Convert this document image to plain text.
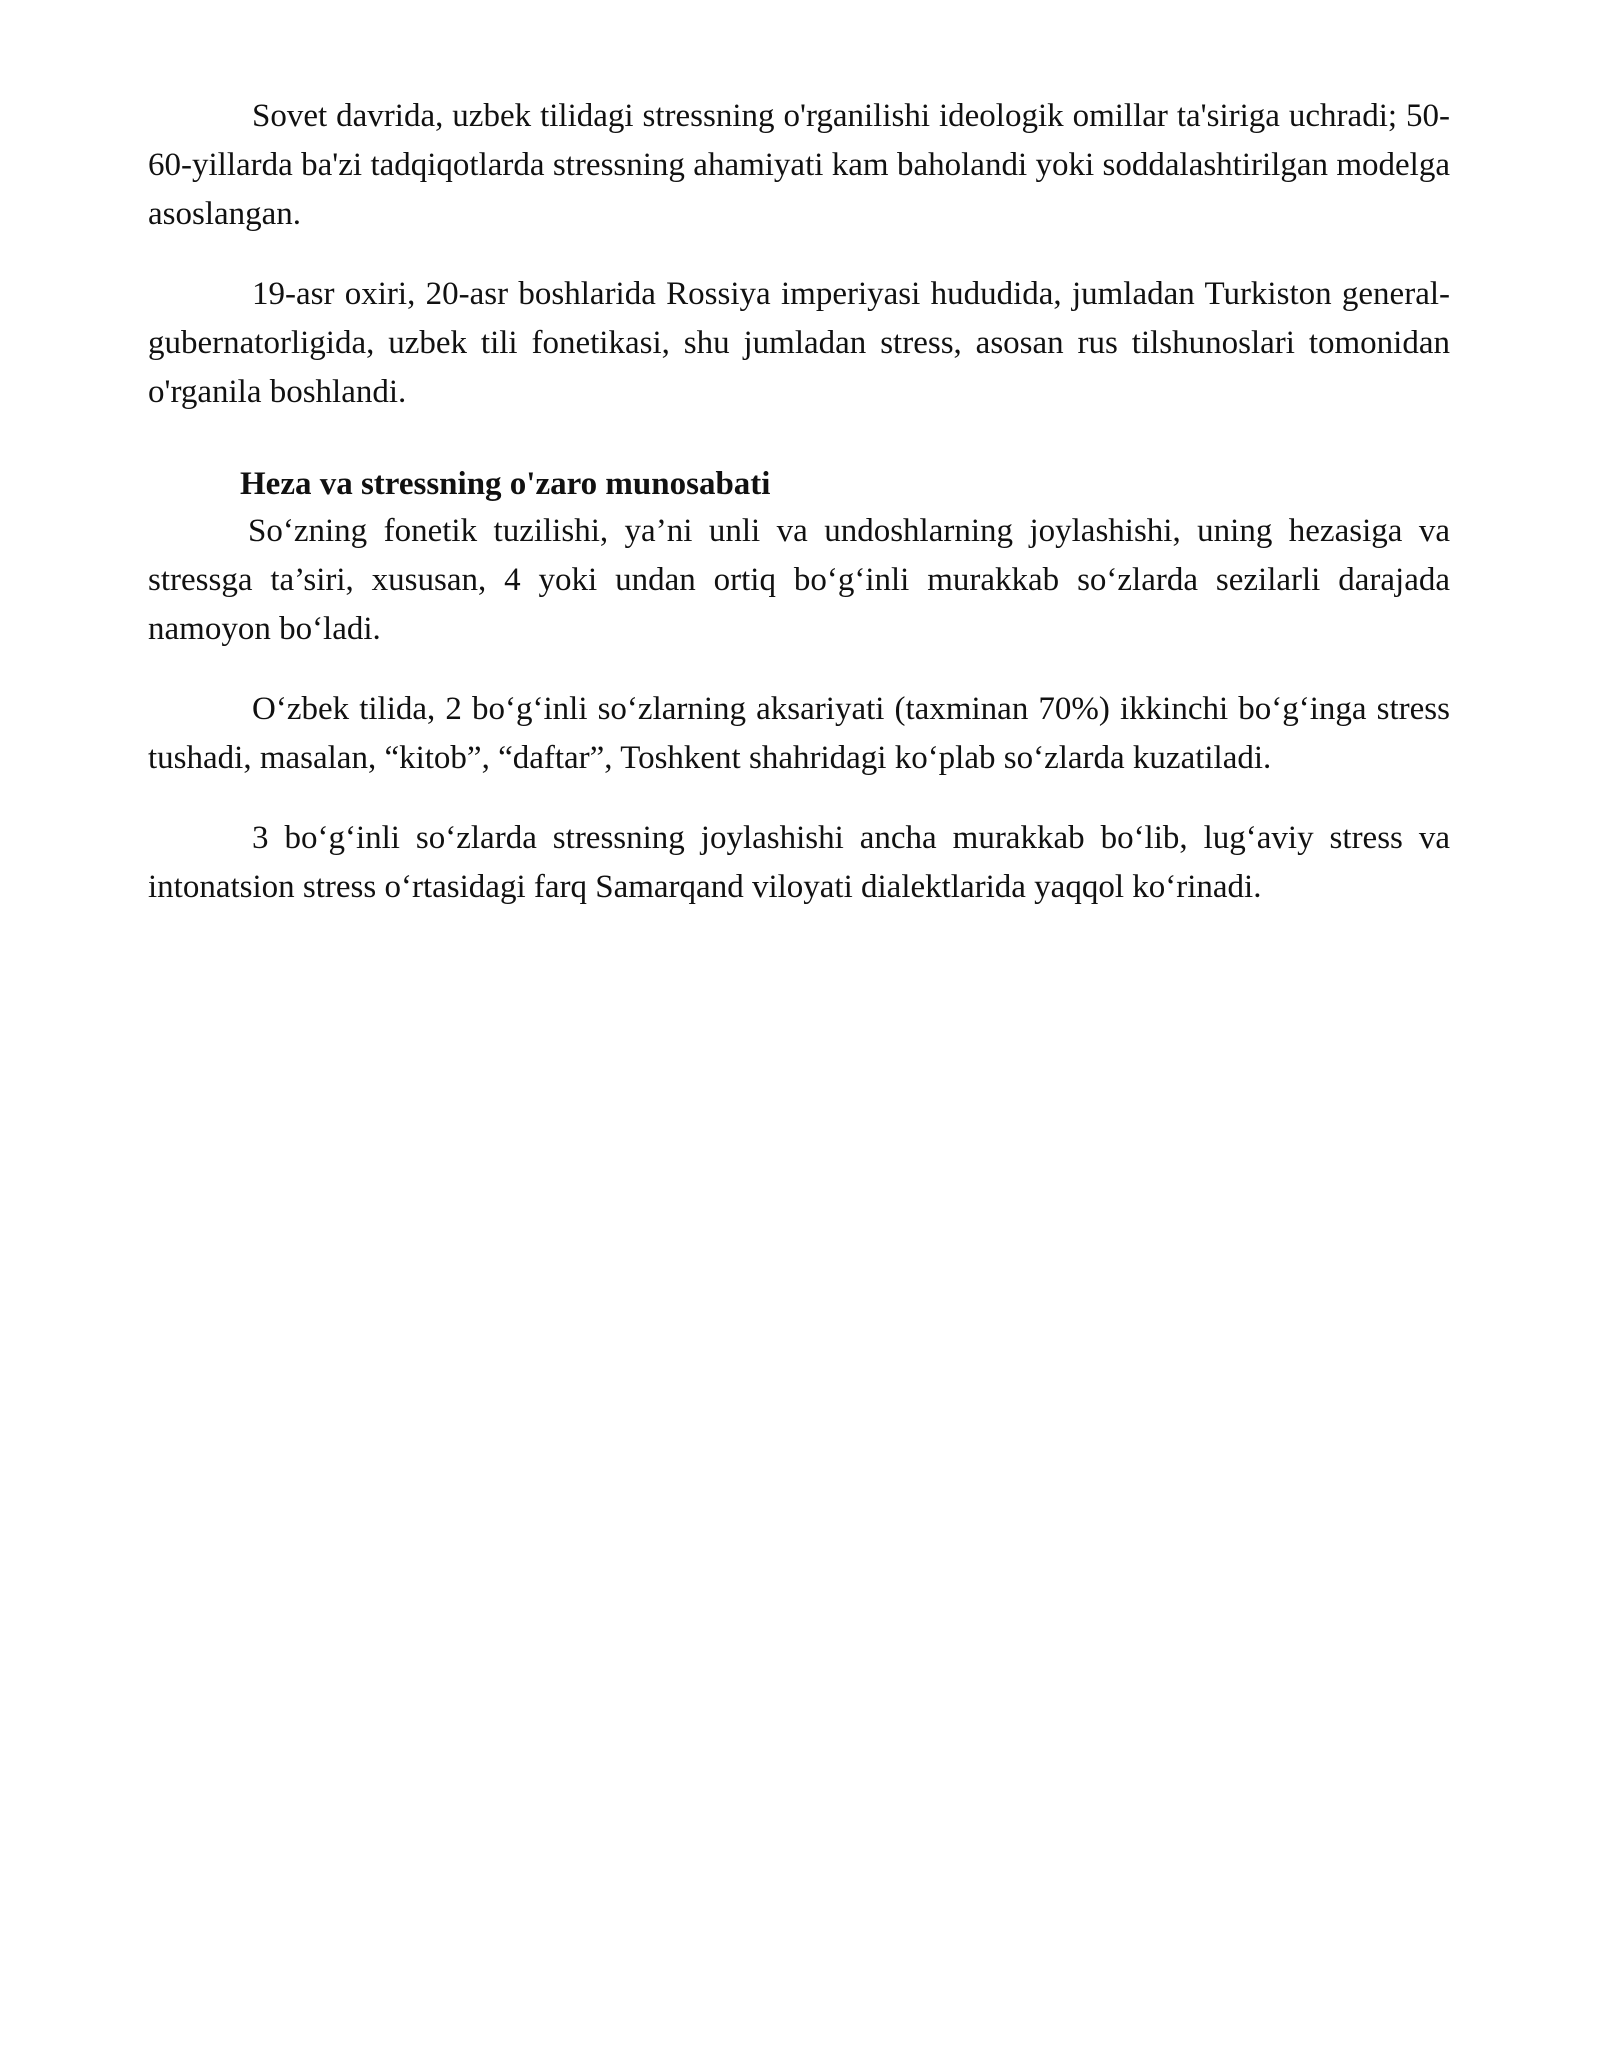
Sovet davrida, uzbek tilidagi stressning o'rganilishi ideologik omillar ta'siriga uchradi; 50-60-yillarda ba'zi tadqiqotlarda stressning ahamiyati kam baholandi yoki soddalashtirilgan modelga asoslangan.

19-asr oxiri, 20-asr boshlarida Rossiya imperiyasi hududida, jumladan Turkiston general-gubernatorligida, uzbek tili fonetikasi, shu jumladan stress, asosan rus tilshunoslari tomonidan o'rganila boshlandi.

Heza va stressning o'zaro munosabati

So‘zning fonetik tuzilishi, ya’ni unli va undoshlarning joylashishi, uning hezasiga va stressga ta’siri, xususan, 4 yoki undan ortiq bo‘g‘inli murakkab so‘zlarda sezilarli darajada namoyon bo‘ladi.

O‘zbek tilida, 2 bo‘g‘inli so‘zlarning aksariyati (taxminan 70%) ikkinchi bo‘g‘inga stress tushadi, masalan, “kitob”, “daftar”, Toshkent shahridagi ko‘plab so‘zlarda kuzatiladi.

3 bo‘g‘inli so‘zlarda stressning joylashishi ancha murakkab bo‘lib, lug‘aviy stress va intonatsion stress o‘rtasidagi farq Samarqand viloyati dialektlarida yaqqol ko‘rinadi.
